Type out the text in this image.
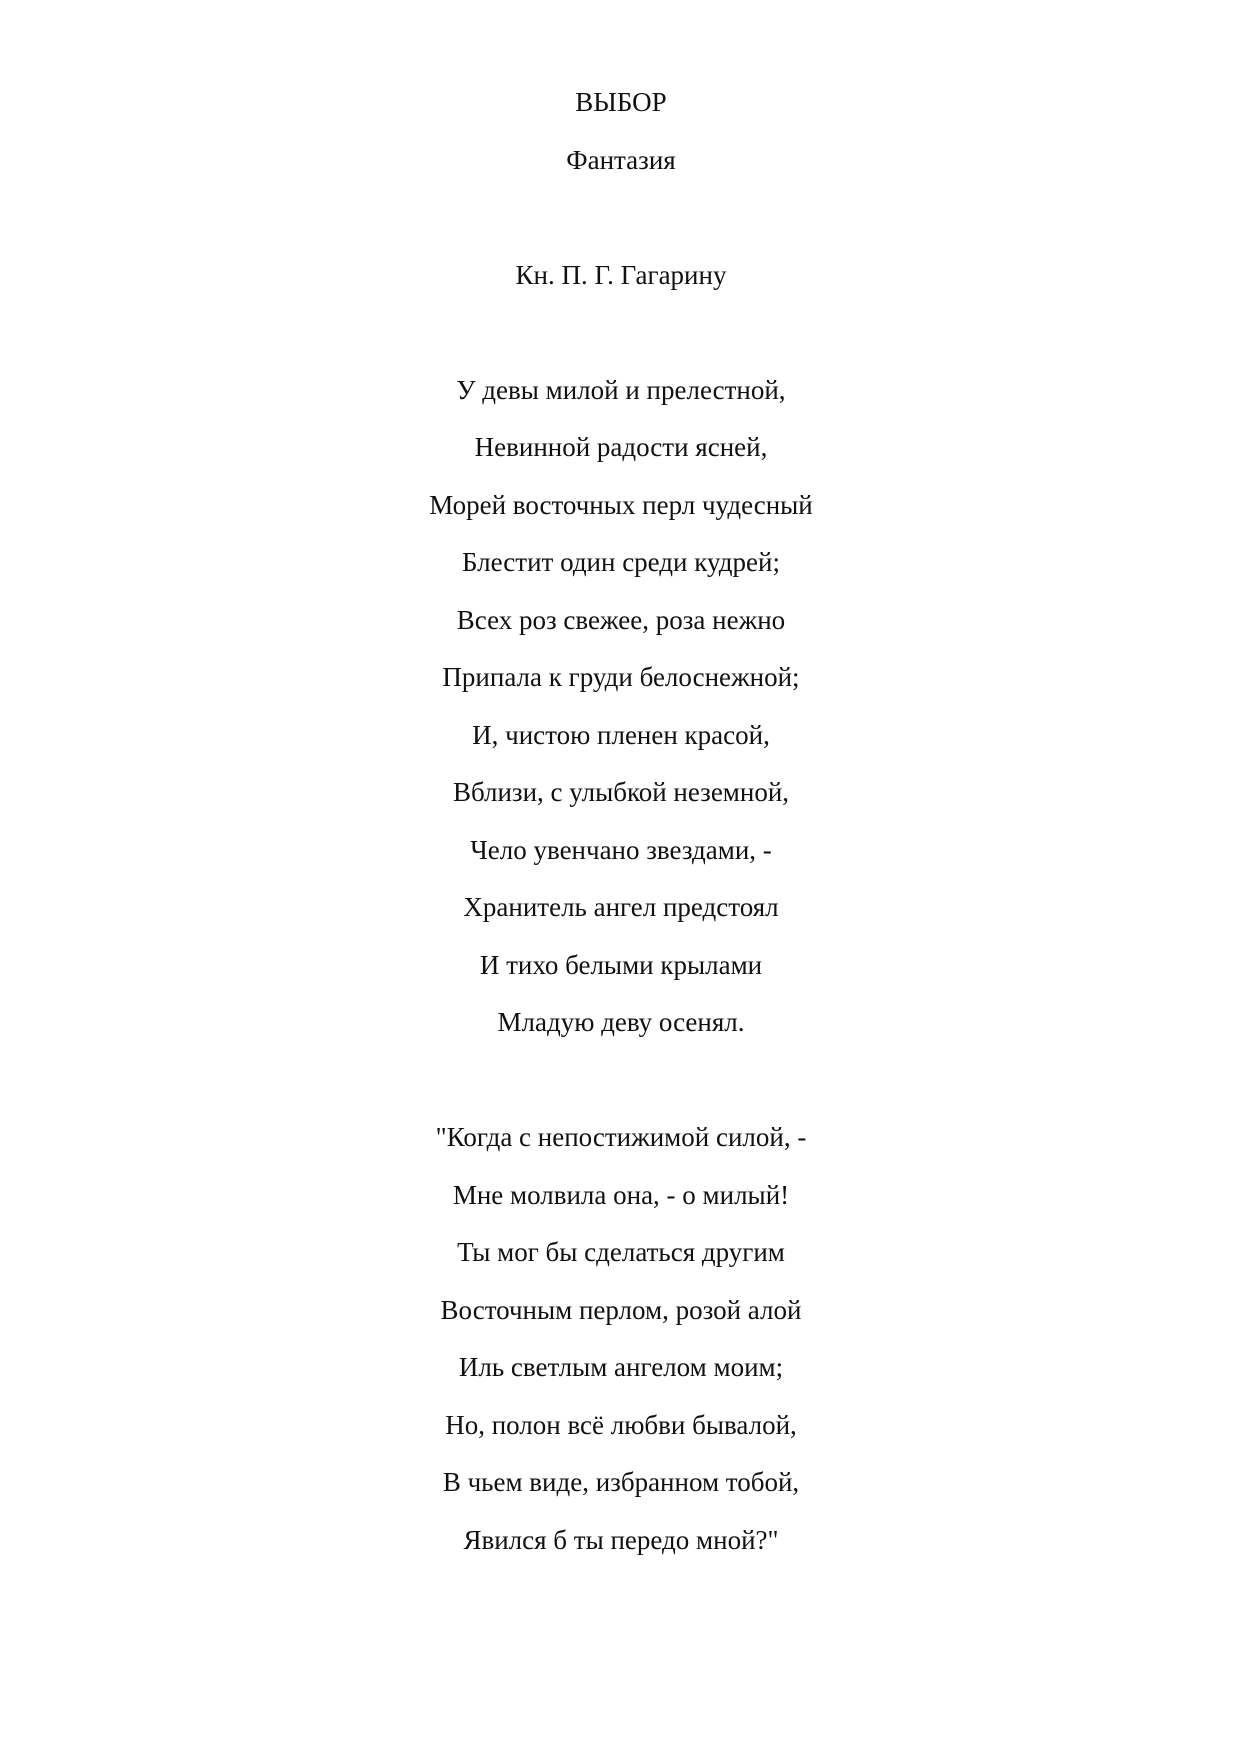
ВЫБОР
Фантазия
Кн. П. Г. Гагарину
У девы милой и прелестной,
Невинной радости ясней,
Морей восточных перл чудесный
Блестит один среди кудрей;
Всех роз свежее, роза нежно
Припала к груди белоснежной;
И, чистою пленен красой,
Вблизи, с улыбкой неземной,
Чело увенчано звездами, -
Хранитель ангел предстоял
И тихо белыми крылами
Младую деву осенял.
"Когда с непостижимой силой, -
Мне молвила она, - о милый!
Ты мог бы сделаться другим
Восточным перлом, розой алой
Иль светлым ангелом моим;
Но, полон всё любви бывалой,
В чьем виде, избранном тобой,
Явился б ты передо мной?"
